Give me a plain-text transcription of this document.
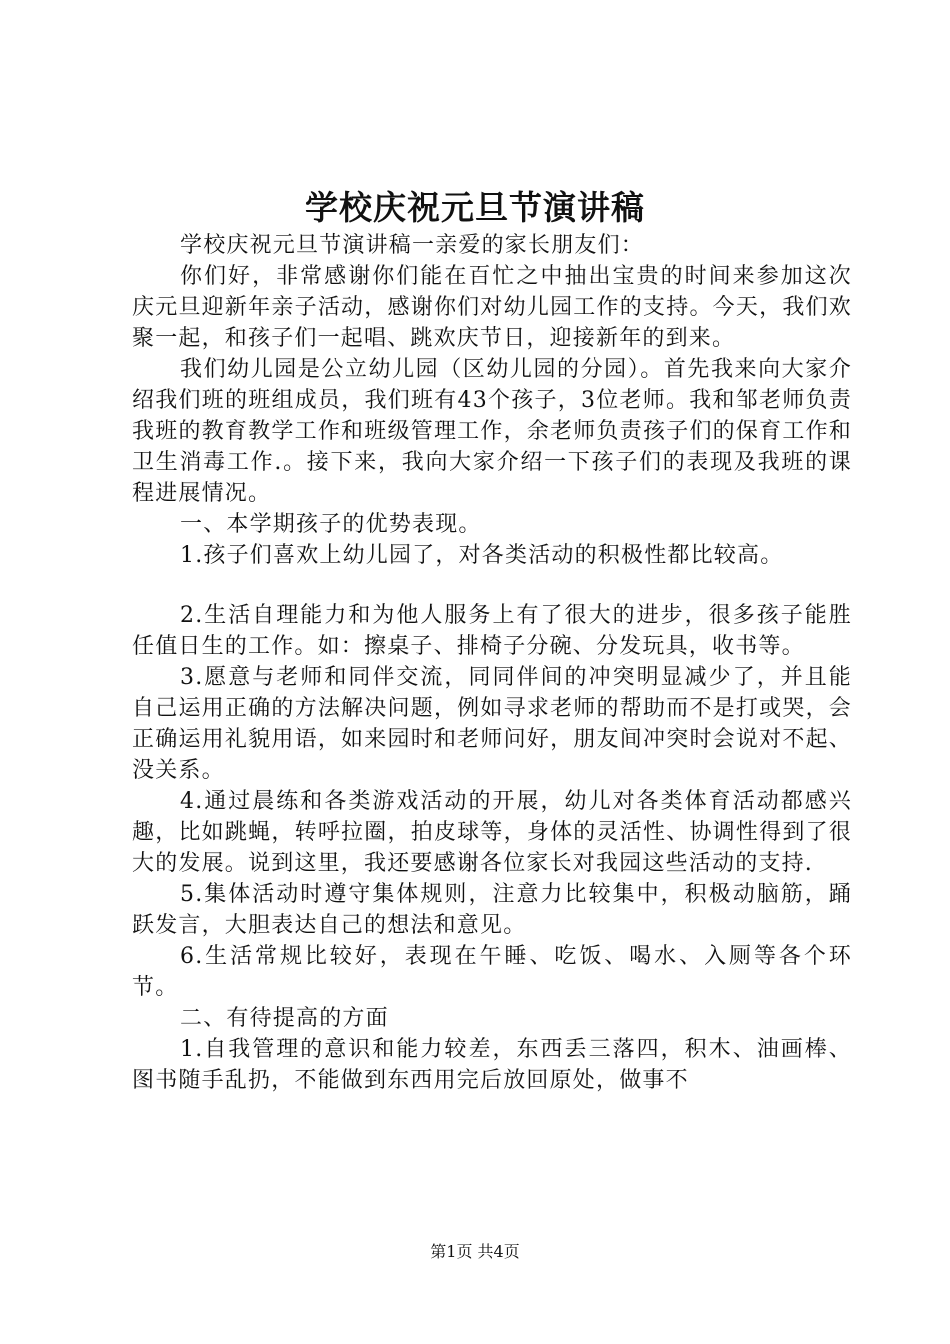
学校庆祝元旦节演讲稿

学校庆祝元旦节演讲稿一亲爱的家长朋友们：

你们好，非常感谢你们能在百忙之中抽出宝贵的时间来参加这次庆元旦迎新年亲子活动，感谢你们对幼儿园工作的支持。今天，我们欢聚一起，和孩子们一起唱、跳欢庆节日，迎接新年的到来。

我们幼儿园是公立幼儿园（区幼儿园的分园）。首先我来向大家介绍我们班的班组成员，我们班有43个孩子，3位老师。我和邹老师负责我班的教育教学工作和班级管理工作，余老师负责孩子们的保育工作和卫生消毒工作.。接下来，我向大家介绍一下孩子们的表现及我班的课程进展情况。

一、本学期孩子的优势表现。

1.孩子们喜欢上幼儿园了，对各类活动的积极性都比较高。

2.生活自理能力和为他人服务上有了很大的进步，很多孩子能胜任值日生的工作。如：擦桌子、排椅子分碗、分发玩具，收书等。

3.愿意与老师和同伴交流，同同伴间的冲突明显减少了，并且能自己运用正确的方法解决问题，例如寻求老师的帮助而不是打或哭，会正确运用礼貌用语，如来园时和老师问好，朋友间冲突时会说对不起、没关系。

4.通过晨练和各类游戏活动的开展，幼儿对各类体育活动都感兴趣，比如跳蝇，转呼拉圈，拍皮球等，身体的灵活性、协调性得到了很大的发展。说到这里，我还要感谢各位家长对我园这些活动的支持.

5.集体活动时遵守集体规则，注意力比较集中，积极动脑筋，踊跃发言，大胆表达自己的想法和意见。

6.生活常规比较好，表现在午睡、吃饭、喝水、入厕等各个环节。

二、有待提高的方面

1.自我管理的意识和能力较差，东西丢三落四，积木、油画棒、图书随手乱扔，不能做到东西用完后放回原处，做事不

第1页 共4页
